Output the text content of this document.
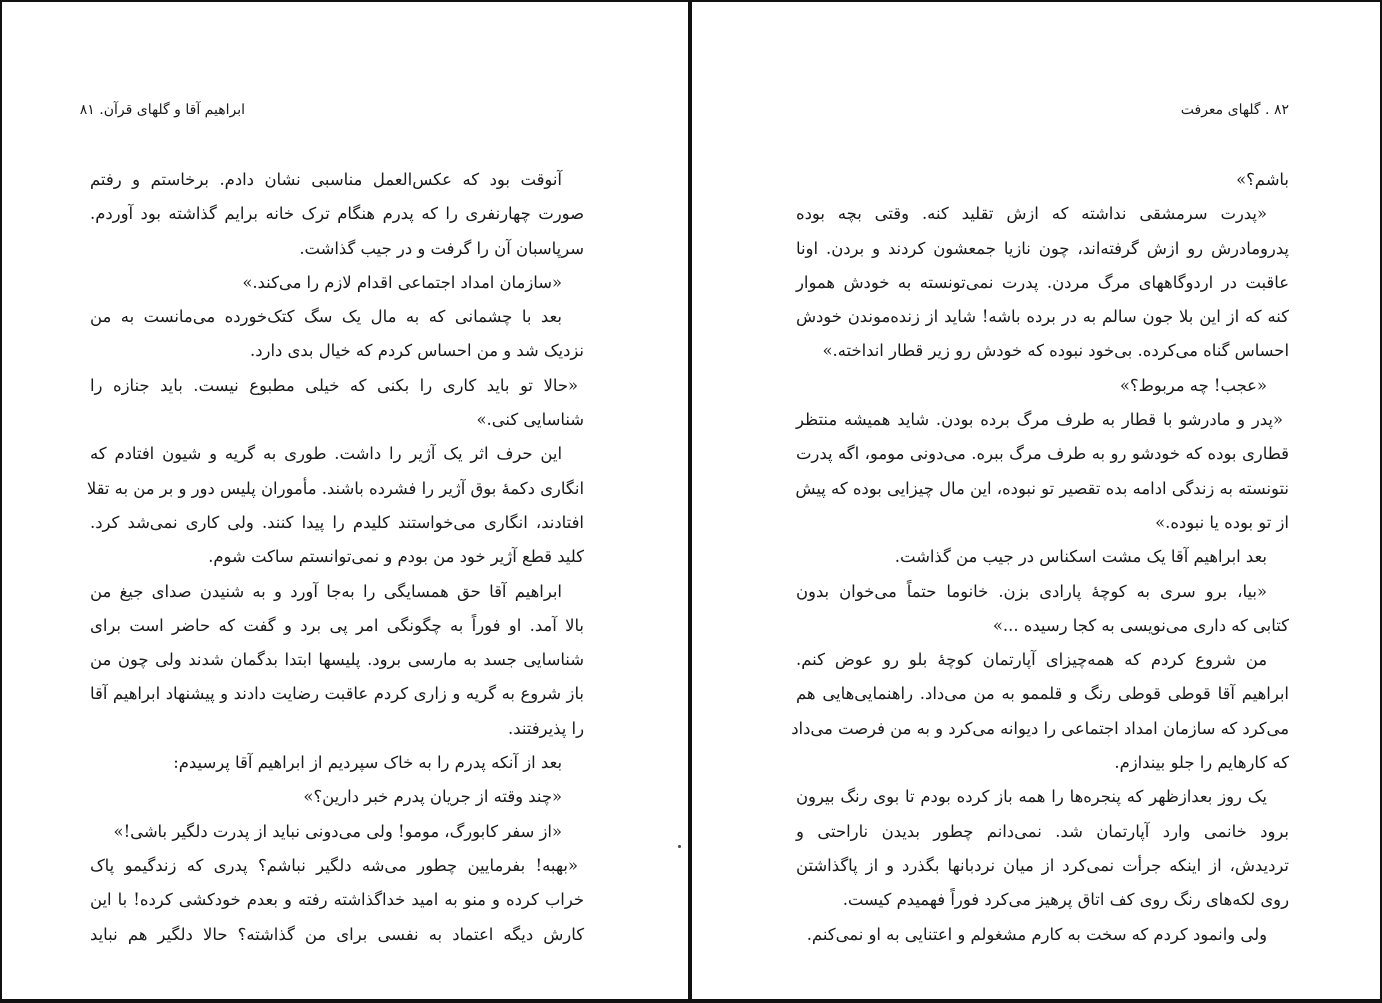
ابراهیم آقا و گلهای قرآن. ۸۱
آنوقت بود که عکس‌العمل مناسبی نشان دادم. برخاستم و رفتم
صورت چهارنفری را که پدرم هنگام ترک خانه برایم گذاشته بود آوردم.
سرپاسبان آن را گرفت و در جیب گذاشت.
«سازمان امداد اجتماعی اقدام لازم را می‌کند.»
بعد با چشمانی که به مال یک سگ کتک‌خورده می‌مانست به من
نزدیک شد و من احساس کردم که خیال بدی دارد.
«حالا تو باید کاری را بکنی که خیلی مطبوع نیست. باید جنازه را
شناسایی کنی.»
این حرف اثر یک آژیر را داشت. طوری به گریه و شیون افتادم که
انگاری دکمهٔ بوق آژیر را فشرده باشند. مأموران پلیس دور و بر من به تقلا
افتادند، انگاری می‌خواستند کلیدم را پیدا کنند. ولی کاری نمی‌شد کرد.
کلید قطع آژیر خود من بودم و نمی‌توانستم ساکت شوم.
ابراهیم آقا حق همسایگی را به‌جا آورد و به شنیدن صدای جیغ من
بالا آمد. او فوراً به چگونگی امر پی برد و گفت که حاضر است برای
شناسایی جسد به مارسی برود. پلیسها ابتدا بدگمان شدند ولی چون من
باز شروع به گریه و زاری کردم عاقبت رضایت دادند و پیشنهاد ابراهیم آقا
را پذیرفتند.
بعد از آنکه پدرم را به خاک سپردیم از ابراهیم آقا پرسیدم:
«چند وقته از جریان پدرم خبر دارین؟»
«از سفر کابورگ، مومو! ولی می‌دونی نباید از پدرت دلگیر باشی!»
«بهبه! بفرمایین چطور می‌شه دلگیر نباشم؟ پدری که زندگیمو پاک
خراب کرده و منو به امید خداگذاشته رفته و بعدم خودکشی کرده! با این
کارش دیگه اعتماد به نفسی برای من گذاشته؟ حالا دلگیر هم نباید
۸۲ . گلهای معرفت
باشم؟»
«پدرت سرمشقی نداشته که ازش تقلید کنه. وقتی بچه بوده
پدرومادرش رو ازش گرفته‌اند، چون نازیا جمعشون کردند و بردن. اونا
عاقبت در اردوگاههای مرگ مردن. پدرت نمی‌تونسته به خودش هموار
کنه که از این بلا جون سالم به در برده باشه! شاید از زنده‌موندن خودش
احساس گناه می‌کرده. بی‌خود نبوده که خودش رو زیر قطار انداخته.»
«عجب! چه مربوط؟»
«پدر و مادرشو با قطار به طرف مرگ برده بودن. شاید همیشه منتظر
قطاری بوده که خودشو رو به طرف مرگ ببره. می‌دونی مومو، اگه پدرت
نتونسته به زندگی ادامه بده تقصیر تو نبوده، این مال چیزایی بوده که پیش
از تو بوده یا نبوده.»
بعد ابراهیم آقا یک مشت اسکناس در جیب من گذاشت.
«بیا، برو سری به کوچهٔ پارادی بزن. خانوما حتماً می‌خوان بدون
کتابی که داری می‌نویسی به کجا رسیده ...»
من شروع کردم که همه‌چیزای آپارتمان کوچهٔ بلو رو عوض کنم.
ابراهیم آقا قوطی قوطی رنگ و قلممو به من می‌داد. راهنمایی‌هایی هم
می‌کرد که سازمان امداد اجتماعی را دیوانه می‌کرد و به من فرصت می‌داد
که کارهایم را جلو بیندازم.
یک روز بعدازظهر که پنجره‌ها را همه باز کرده بودم تا بوی رنگ بیرون
برود خانمی وارد آپارتمان شد. نمی‌دانم چطور بدیدن ناراحتی و
تردیدش، از اینکه جرأت نمی‌کرد از میان نردبانها بگذرد و از پاگذاشتن
روی لکه‌های رنگ روی کف اتاق پرهیز می‌کرد فوراً فهمیدم کیست.
ولی وانمود کردم که سخت به کارم مشغولم و اعتنایی به او نمی‌کنم.
